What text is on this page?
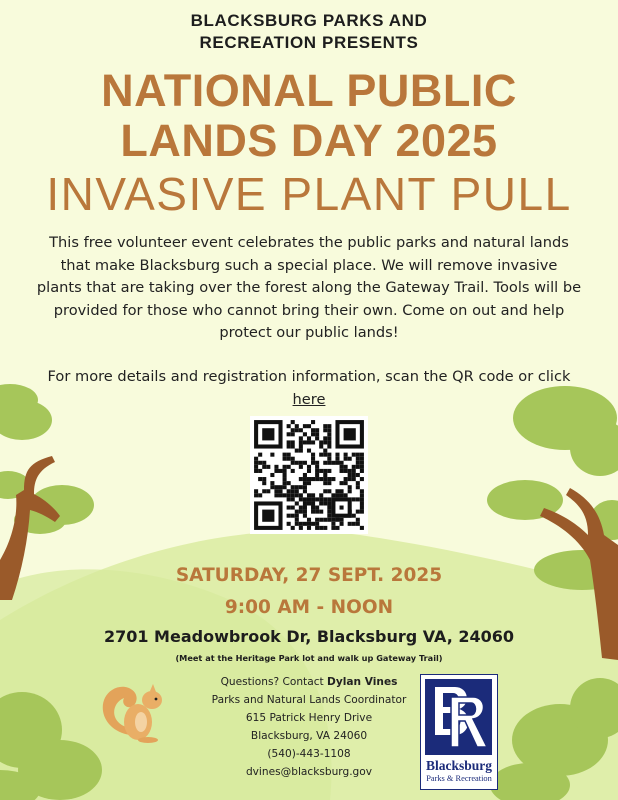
BLACKSBURG PARKS AND
RECREATION PRESENTS
NATIONAL PUBLIC
LANDS DAY 2025
INVASIVE PLANT PULL
This free volunteer event celebrates the public parks and natural lands that make Blacksburg such a special place. We will remove invasive plants that are taking over the forest along the Gateway Trail. Tools will be provided for those who cannot bring their own. Come on out and help protect our public lands!
For more details and registration information, scan the QR code or click here
SATURDAY, 27 SEPT. 2025
9:00 AM - NOON
2701 Meadowbrook Dr, Blacksburg VA, 24060
(Meet at the Heritage Park lot and walk up Gateway Trail)
Questions? Contact Dylan Vines
Parks and Natural Lands Coordinator
615 Patrick Henry Drive
Blacksburg, VA 24060
(540)-443-1108
dvines@blacksburg.gov	Blacksburg
Parks & Recreation
